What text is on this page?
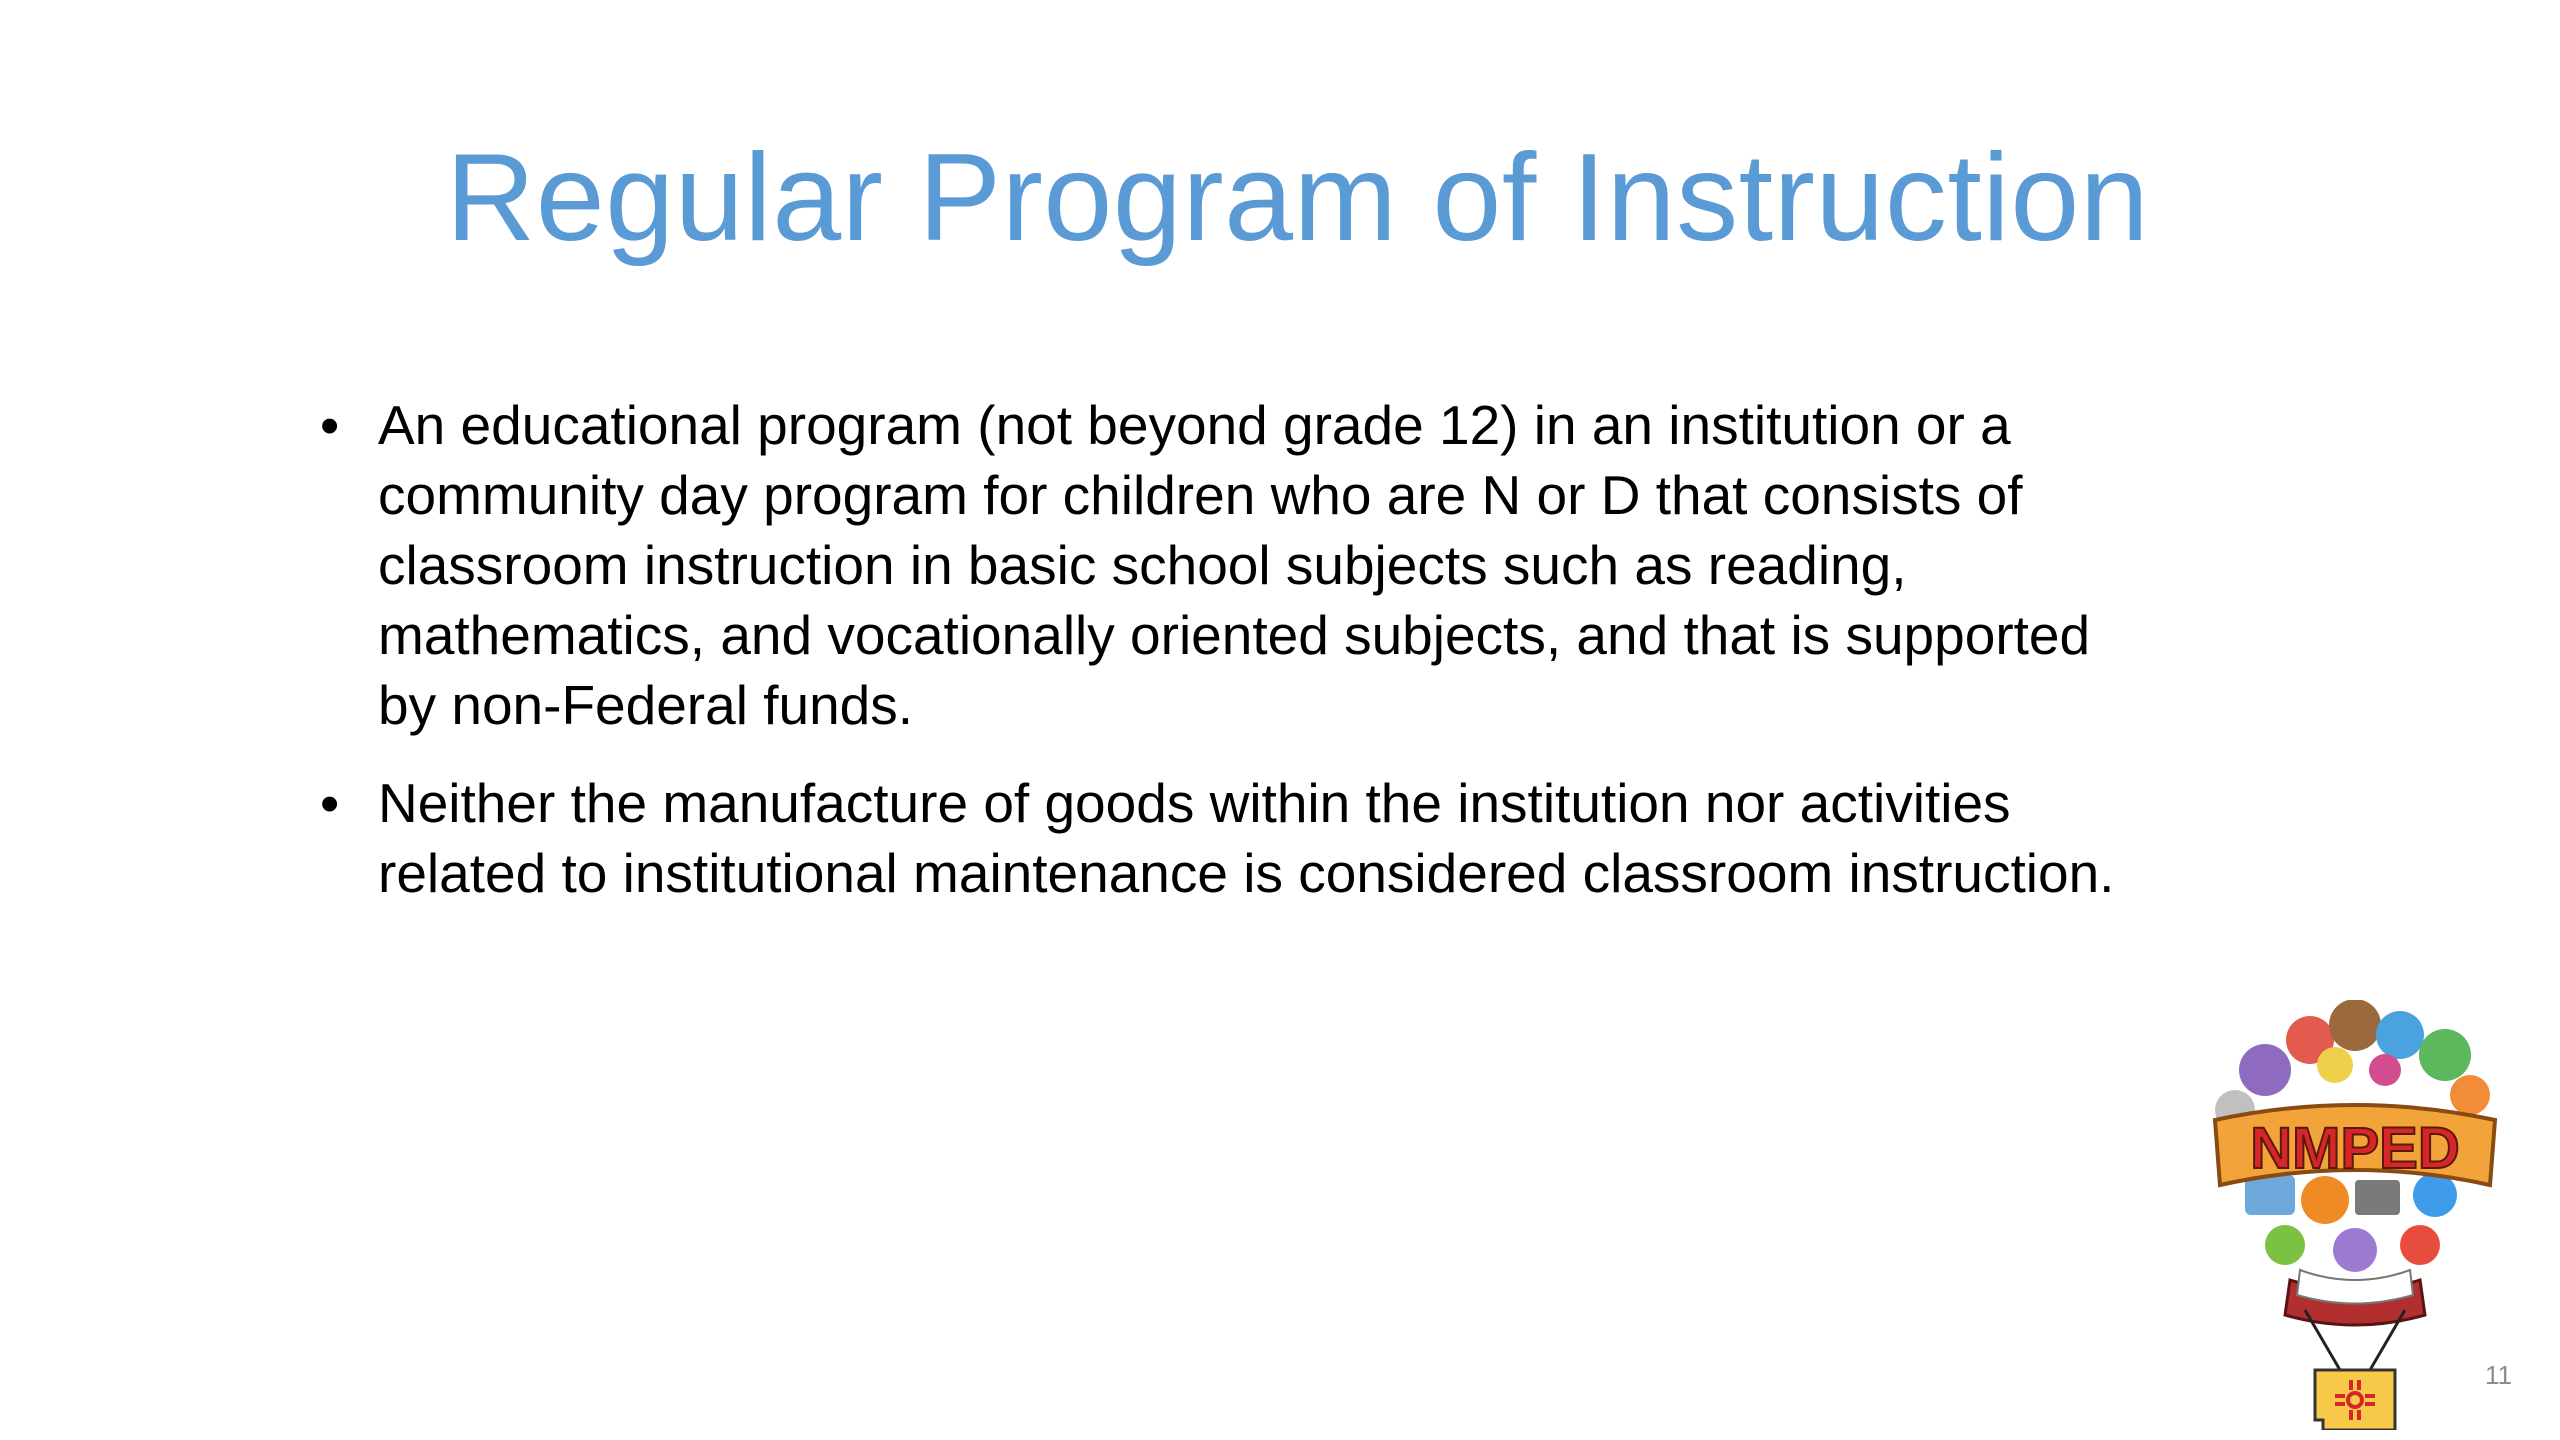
Regular Program of Instruction
• An educational program (not beyond grade 12) in an institution or a community day program for children who are N or D that consists of classroom instruction in basic school subjects such as reading, mathematics, and vocationally oriented subjects, and that is supported by non-Federal funds.
• Neither the manufacture of goods within the institution nor activities related to institutional maintenance is considered classroom instruction.
NMPED
11
